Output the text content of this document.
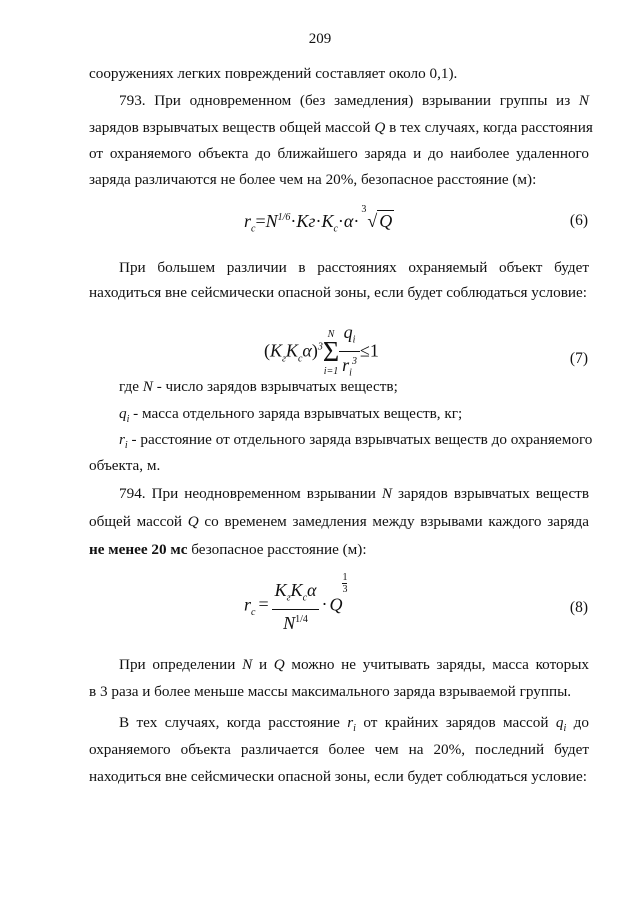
209
сооружениях легких повреждений составляет около 0,1).
793. При одновременном (без замедления) взрывании группы из N
зарядов взрывчатых веществ общей массой Q в тех случаях, когда расстояния
от охраняемого объекта до ближайшего заряда и до наиболее удаленного
заряда различаются не более чем на 20%, безопасное расстояние (м):
$r_c=N^{1/6}\cdot Kг\cdot K_c\cdot\alpha\cdot$
3
√ Q	(6)
При большем различии в расстояниях охраняемый объект будет
находиться вне сейсмически опасной зоны, если будет соблюдаться условие:
$(K_гK_c\alpha)^3$
N
Σ
$i=1 \frac{q_i}{r_i^3} \le 1$	(7)
где N - число зарядов взрывчатых веществ;
$q_i$ - масса отдельного заряда взрывчатых веществ, кг;
$r_i$ - расстояние от отдельного заряда взрывчатых веществ до охраняемого
объекта, м.
794. При неодновременном взрывании N зарядов взрывчатых веществ
общей массой Q со временем замедления между взрывами каждого заряда
не менее 20 мс безопасное расстояние (м):
$r_c = \frac{K_гK_c\alpha}{N^{1/4}} \cdot Q$
$\frac{1}{3}$
(8)
При определении N и Q можно не учитывать заряды, масса которых
в 3 раза и более меньше массы максимального заряда взрываемой группы.
В тех случаях, когда расстояние $r_i$ от крайних зарядов массой $q_i$ до
охраняемого объекта различается более чем на 20%, последний будет
находиться вне сейсмически опасной зоны, если будет соблюдаться условие:
